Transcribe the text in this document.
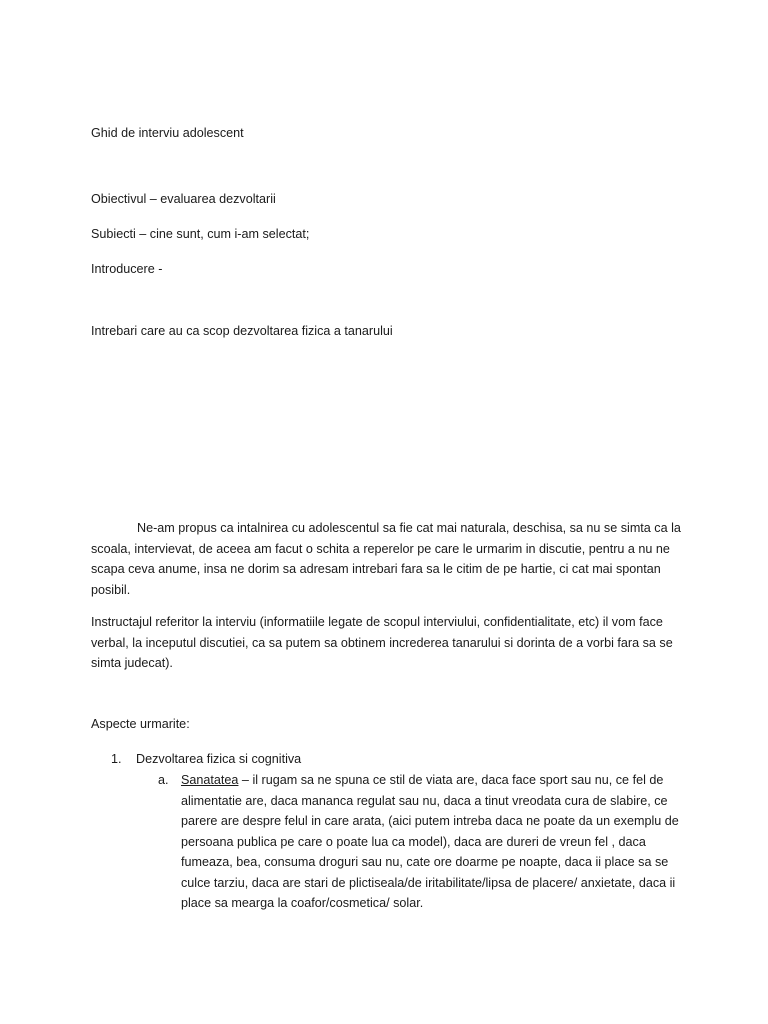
Ghid de interviu adolescent
Obiectivul – evaluarea dezvoltarii
Subiecti – cine sunt, cum i-am selectat;
Introducere -
Intrebari care au ca scop dezvoltarea fizica a tanarului
Ne-am propus ca intalnirea cu adolescentul sa fie cat mai naturala, deschisa, sa nu se simta ca la scoala, intervievat, de aceea am facut o schita a reperelor pe care le urmarim in discutie, pentru a nu ne scapa ceva anume, insa ne dorim sa adresam intrebari fara sa le citim de pe hartie, ci cat mai spontan posibil.
Instructajul referitor la interviu (informatiile legate de scopul interviului, confidentialitate, etc) il vom face verbal, la inceputul discutiei, ca sa putem sa obtinem increderea tanarului si dorinta de a vorbi fara sa se simta judecat).
Aspecte urmarite:
1. Dezvoltarea fizica si cognitiva
a. Sanatatea – il rugam sa ne spuna ce stil de viata are, daca face sport sau nu, ce fel de alimentatie are, daca mananca regulat sau nu, daca a tinut vreodata cura de slabire, ce parere are despre felul in care arata, (aici putem intreba daca ne poate da un exemplu de persoana publica pe care o poate lua ca model), daca are dureri de vreun fel , daca fumeaza, bea, consuma droguri sau nu, cate ore doarme pe noapte, daca ii place sa se culce tarziu, daca are stari de plictiseala/de iritabilitate/lipsa de placere/ anxietate, daca ii place sa mearga la coafor/cosmetica/ solar.
